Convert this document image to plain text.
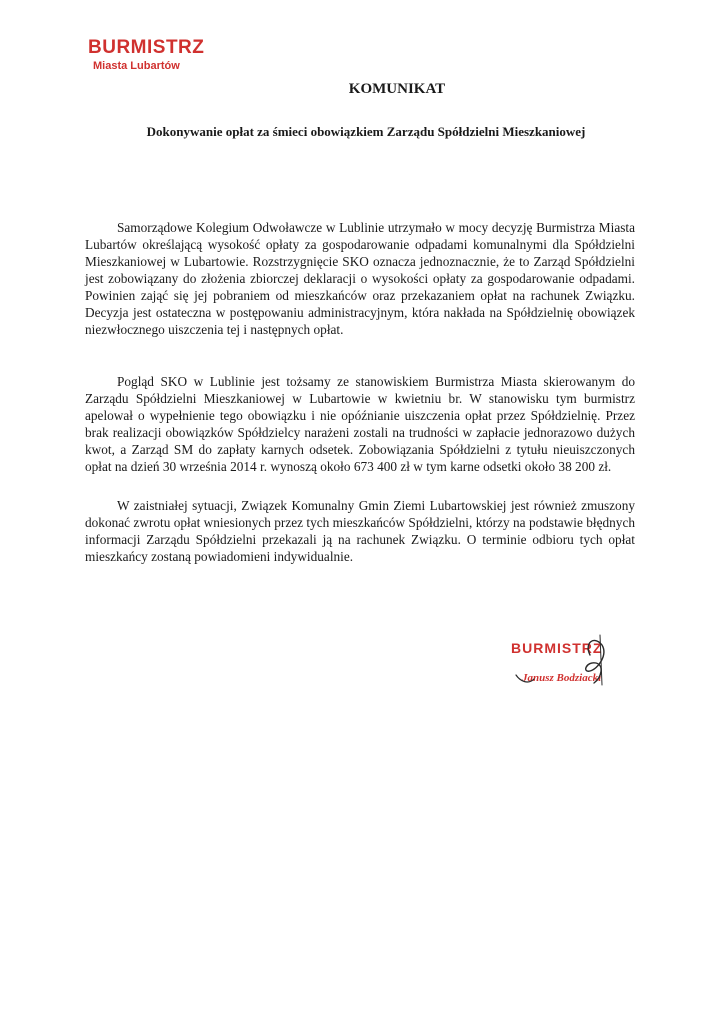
BURMISTRZ
Miasta Lubartów
KOMUNIKAT
Dokonywanie opłat za śmieci obowiązkiem Zarządu Spółdzielni Mieszkaniowej

Samorządowe Kolegium Odwoławcze w Lublinie utrzymało w mocy decyzję Burmistrza Miasta Lubartów określającą wysokość opłaty za gospodarowanie odpadami komunalnymi dla Spółdzielni Mieszkaniowej w Lubartowie. Rozstrzygnięcie SKO oznacza jednoznacznie, że to Zarząd Spółdzielni jest zobowiązany do złożenia zbiorczej deklaracji o wysokości opłaty za gospodarowanie odpadami. Powinien zająć się jej pobraniem od mieszkańców oraz przekazaniem opłat na rachunek Związku. Decyzja jest ostateczna w postępowaniu administracyjnym, która nakłada na Spółdzielnię obowiązek niezwłocznego uiszczenia tej i następnych opłat.

Pogląd SKO w Lublinie jest tożsamy ze stanowiskiem Burmistrza Miasta skierowanym do Zarządu Spółdzielni Mieszkaniowej w Lubartowie w kwietniu br. W stanowisku tym burmistrz apelował o wypełnienie tego obowiązku i nie opóźnianie uiszczenia opłat przez Spółdzielnię. Przez brak realizacji obowiązków Spółdzielcy narażeni zostali na trudności w zapłacie jednorazowo dużych kwot, a Zarząd SM do zapłaty karnych odsetek. Zobowiązania Spółdzielni z tytułu nieuiszczonych opłat na dzień 30 września 2014 r. wynoszą około 673 400 zł w tym karne odsetki około 38 200 zł.

W zaistniałej sytuacji, Związek Komunalny Gmin Ziemi Lubartowskiej jest również zmuszony dokonać zwrotu opłat wniesionych przez tych mieszkańców Spółdzielni, którzy na podstawie błędnych informacji Zarządu Spółdzielni przekazali ją na rachunek Związku. O terminie odbioru tych opłat mieszkańcy zostaną powiadomieni indywidualnie.

BURMISTRZ
Janusz Bodziacki
